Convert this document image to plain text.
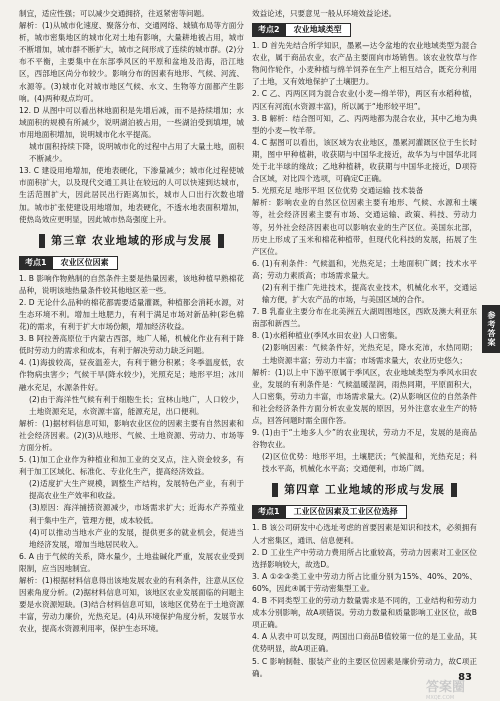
制宜，适应性强；可以减少交通拥挤，往返紧密等问题。

解析：(1)从城市化速度、聚落分布、交通网络、城镇布局等方面分析，城市密集地区的城市化对土地有影响，大量耕地被占用，城市不断增加，城市群不断扩大，城市之间形成了连续的城市群。(2)分布不平衡，主要集中在东部季风区的平原和盆地及沿海，沿江地区，西部地区尚分布较少。影响分布的因素有地形、气候、河流、水源等。(3)城市化对城市地区气候、水文、生物等方面都产生影响。(4)两种观点均可。

12. D 从图中可以看出林地面积是先增后减，而不是持续增加；水域面积的规模有所减少，说明湖泊被占用，一些湖泊受到填埋，城市用地面积增加，说明城市化水平提高。

城市面积持续下降，说明城市化的过程中占用了大量土地，面积不断减少。

13. C 建设用地增加，使地表硬化，下渗量减少；城市化过程使城市面积扩大，以及现代交通工具让在较远的人可以快速到达城市，生活范围扩大，因此居民出行距离加长，城市人口出行次数也增加。城市扩张使建设用地增加，地表硬化，不透水地表面积增加，使热岛效应更明显，因此城市热岛强度上升。

第三章 农业地域的形成与发展
考点1	农业区位因素

1. B 影响作物熟制的自然条件主要是热量因素，该地种植早熟棉花品种，说明该地热量条件较其他地区差一些。

2. D 无论什么品种的棉花都需要适量灌溉，种植都会消耗水源，对生态环境不利。增加土地肥力，有利于满足市场对新品种(彩色棉花)的需求，有利于扩大市场份额，增加经济收益。

3. B 阿拉善高原位于内蒙古西部，地广人稀，机械化作业有利于降低时劳动力的需求和成本，有利于解决劳动力缺乏问题。

4. (1)海拔较高，昼夜温差大，有利于糖分积累；冬季温度低，农作物病虫害少；气候干旱(降水较少)，光照充足；地形平坦；冰川融水充足，水源条件好。

(2)由于海洋性气候有利于细胞生长；宜林山地广，人口较少，土地资源充足，水资源丰富，能源充足，出口便利。

解析：(1)据材料信息可知，影响农业区位的因素主要有自然因素和社会经济因素。(2)(3)从地形、气候、土地资源、劳动力、市场等方面分析。

5. (1)加工企业作为种植业和加工业的交叉点，注入资金较多，有利于加工区域化、标准化、专业化生产，提高经济效益。

(2)适度扩大生产规模，调整生产结构，发展特色产业，有利于提高农业生产效率和收益。

(3)原因：海洋捕捞资源减少，市场需求扩大；近海水产养殖业利于集中生产，管理方便，成本较低。

(4)可以推动当地水产业的发展，提供更多的就业机会，促进当地经济发展，增加当地居民收入。

6. A 由于气候的关系，降水量少，土地盐碱化严重，发展农业受到限制，应当因地制宜。

解析：(1)根据材料信息得出该地发展农业的有利条件，注意从区位因素角度分析。(2)据材料信息可知，该地区农业发展面临的问题主要是水资源短缺。(3)结合材料信息可知，该地区优势在于土地资源丰富，劳动力廉价，光热充足。(4)从环境保护角度分析，发展节水农业，提高水资源利用率，保护生态环境。

效益论述，只要意见一般从环境效益论述。

考点2	农业地域类型

1. D 首先先结合所学知识，墨累—达令盆地的农业地域类型为混合农业，属于商品农业，农产品主要面向市场销售。该农业牧草与作物间作轮作，小麦种植与绵羊饲养在生产上相互结合，既充分利用了土地，又有效地保护了土壤肥力。

2. C 乙、丙两区同为混合农业(小麦—绵羊带)，两区有水稻种植，丙区有河流(水资源丰富)，所以属于“地形较平坦”。

3. B 解析：结合图可知，乙、丙两地都为混合农业，其中乙地为典型的小麦—牧羊带。

4. C 据图可以看出，该区域为农业地区，墨累河灌溉区位于生长时期，图中甲种植耕，收获期与中国华北接近，故华为与中国华北同处于北半球的缘故；乙地种植耕，收获期与中国华北接近，D项符合区域，对比四个选项，可确定C正确。

5. 光照充足 地形平坦 区位优势 交通运输 技术装备

解析：影响农业的自然区位因素主要有地形、气候、水源和土壤等，社会经济因素主要有市场、交通运输、政策、科技、劳动力等，另外社会经济因素也可以影响农业的生产区位。美国东北部，历史上形成了玉米和棉花种植带，但现代化科技的发展，拓展了生产区位。

6. (1)有利条件：气候温和，光热充足；土地面积广阔；技术水平高；劳动力素质高；市场需求量大。

(2)有利于推广先进技术，提高农业技术，机械化水平，交通运输方便，扩大农产品的市场，与美国区域的合作。

7. B 乳畜业主要分布在北美洲五大湖周围地区，西欧及澳大利亚东南部和新西兰。

8. (1)水稻种植业(季风水田农业) 人口密集。

(2)影响因素：气候条件好，光热充足，降水充沛，水热同期；土地资源丰富；劳动力丰富；市场需求量大，农业历史悠久；

解析：(1)以上中下游平原属于季风区，农业地域类型为季风水田农业，发展的有利条件是：气候温暖湿润，雨热同期，平原面积大，人口密集，劳动力丰富，市场需求量大。(2)从影响区位的自然条件和社会经济条件方面分析农业发展的原因，另外注意农业生产的特点，回答问题时需全面作答。

9. (1)由于“土地多人少”的农业现状，劳动力不足，发展的是商品谷物农业。

(2)区位优势：地形平坦，土壤肥沃；气候温和，光热充足；科技水平高，机械化水平高；交通便利，市场广阔。

第四章 工业地域的形成与发展
考点1	工业区位因素及工业区位选择

1. B 该公司研发中心选址考虑的首要因素是知识和技术，必须拥有人才密集区，通讯、信息便利。

2. D 工业生产中劳动力费用所占比重较高，劳动力因素对工业区位选择影响较大，故选D。

3. A ①②③类工业中劳动力所占比重分别为15%、40%、20%、60%，因此④属于劳动密集型工业。

4. B 不同类型工业的劳动力数量需求是不同的，工业结构和劳动力成本分别影响，故A项错误。劳动力数量和质量影响工业区位，故B项正确。

4. A 从表中可以发现，两国出口商品B值较第一位的是工业品，其优势明显，故A项正确。

5. C 影响制鞋、服装产业的主要区位因素是廉价劳动力，故C项正确。

参考答案
83
答案圈
MXQE.COM
